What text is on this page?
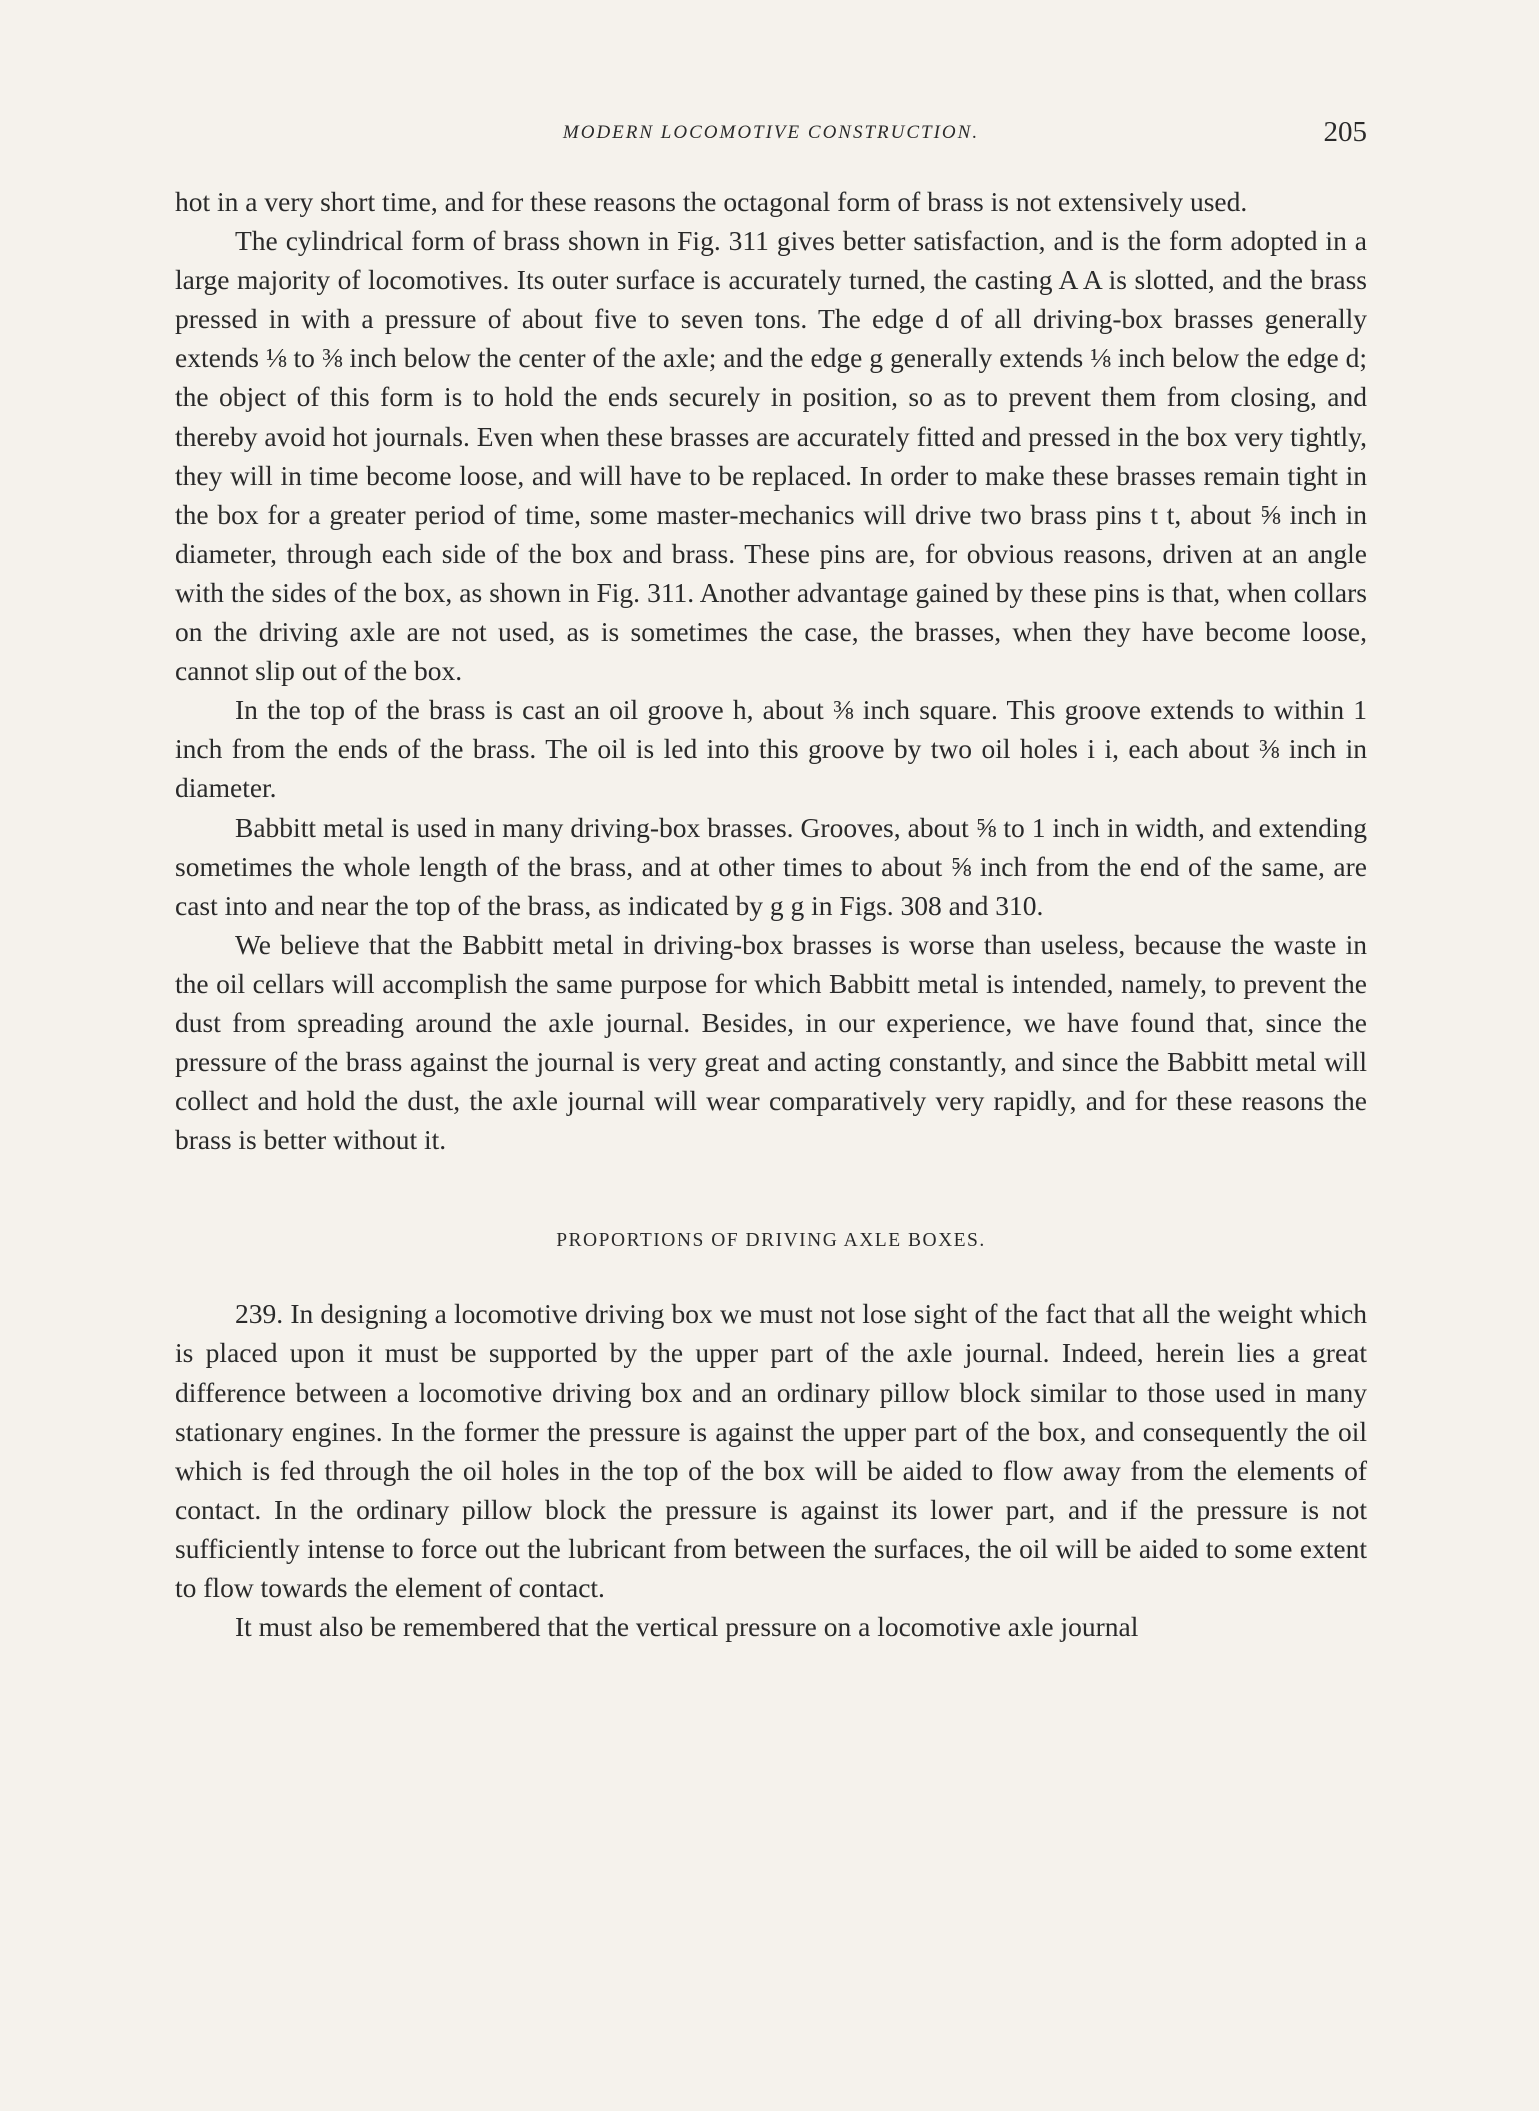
MODERN LOCOMOTIVE CONSTRUCTION.	205

hot in a very short time, and for these reasons the octagonal form of brass is not extensively used.

The cylindrical form of brass shown in Fig. 311 gives better satisfaction, and is the form adopted in a large majority of locomotives. Its outer surface is accurately turned, the casting A A is slotted, and the brass pressed in with a pressure of about five to seven tons. The edge d of all driving-box brasses generally extends ⅛ to ⅜ inch below the center of the axle; and the edge g generally extends ⅛ inch below the edge d; the object of this form is to hold the ends securely in position, so as to prevent them from closing, and thereby avoid hot journals. Even when these brasses are accurately fitted and pressed in the box very tightly, they will in time become loose, and will have to be replaced. In order to make these brasses remain tight in the box for a greater period of time, some master-mechanics will drive two brass pins t t, about ⅝ inch in diameter, through each side of the box and brass. These pins are, for obvious reasons, driven at an angle with the sides of the box, as shown in Fig. 311. Another advantage gained by these pins is that, when collars on the driving axle are not used, as is sometimes the case, the brasses, when they have become loose, cannot slip out of the box.

In the top of the brass is cast an oil groove h, about ⅜ inch square. This groove extends to within 1 inch from the ends of the brass. The oil is led into this groove by two oil holes i i, each about ⅜ inch in diameter.

Babbitt metal is used in many driving-box brasses. Grooves, about ⅝ to 1 inch in width, and extending sometimes the whole length of the brass, and at other times to about ⅝ inch from the end of the same, are cast into and near the top of the brass, as indicated by g g in Figs. 308 and 310.

We believe that the Babbitt metal in driving-box brasses is worse than useless, because the waste in the oil cellars will accomplish the same purpose for which Babbitt metal is intended, namely, to prevent the dust from spreading around the axle journal. Besides, in our experience, we have found that, since the pressure of the brass against the journal is very great and acting constantly, and since the Babbitt metal will collect and hold the dust, the axle journal will wear comparatively very rapidly, and for these reasons the brass is better without it.

PROPORTIONS OF DRIVING AXLE BOXES.

239. In designing a locomotive driving box we must not lose sight of the fact that all the weight which is placed upon it must be supported by the upper part of the axle journal. Indeed, herein lies a great difference between a locomotive driving box and an ordinary pillow block similar to those used in many stationary engines. In the former the pressure is against the upper part of the box, and consequently the oil which is fed through the oil holes in the top of the box will be aided to flow away from the elements of contact. In the ordinary pillow block the pressure is against its lower part, and if the pressure is not sufficiently intense to force out the lubricant from between the surfaces, the oil will be aided to some extent to flow towards the element of contact.

It must also be remembered that the vertical pressure on a locomotive axle journal
